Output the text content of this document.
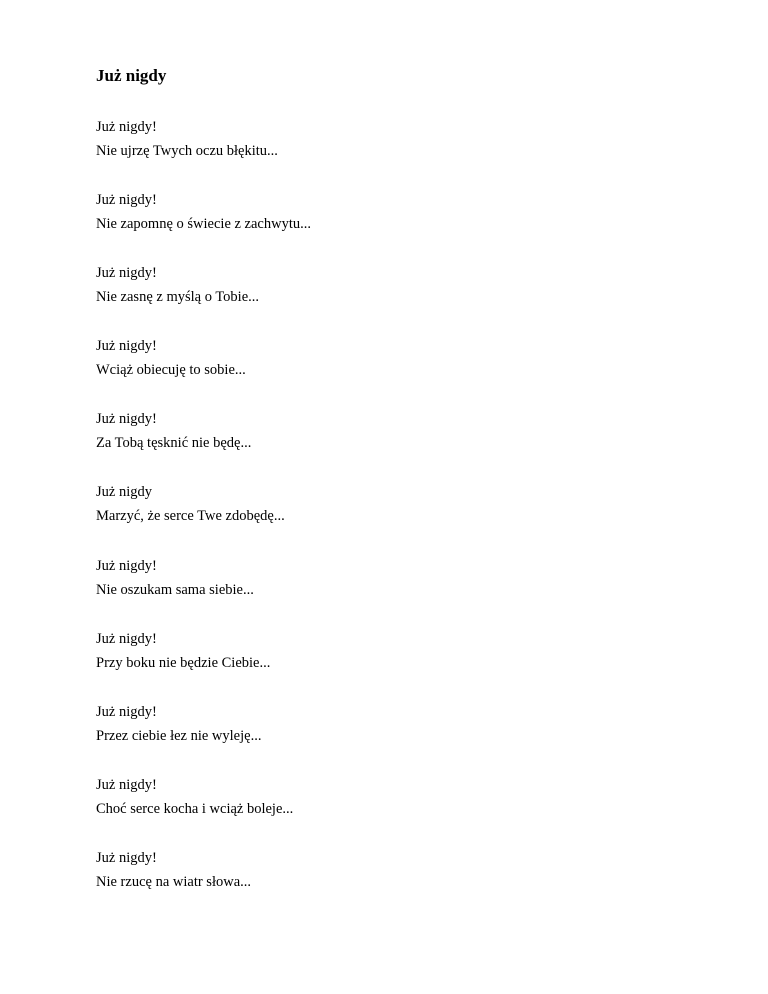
Już nigdy
Już nigdy!
Nie ujrzę Twych oczu błękitu...
Już nigdy!
Nie zapomnę o świecie z zachwytu...
Już nigdy!
Nie zasnę z myślą o Tobie...
Już nigdy!
Wciąż obiecuję to sobie...
Już nigdy!
Za Tobą tęsknić nie będę...
Już nigdy
Marzyć, że serce Twe zdobędę...
Już nigdy!
Nie oszukam sama siebie...
Już nigdy!
Przy boku nie będzie Ciebie...
Już nigdy!
Przez ciebie łez nie wyleję...
Już nigdy!
Choć serce kocha i wciąż boleje...
Już nigdy!
Nie rzucę na wiatr słowa...
